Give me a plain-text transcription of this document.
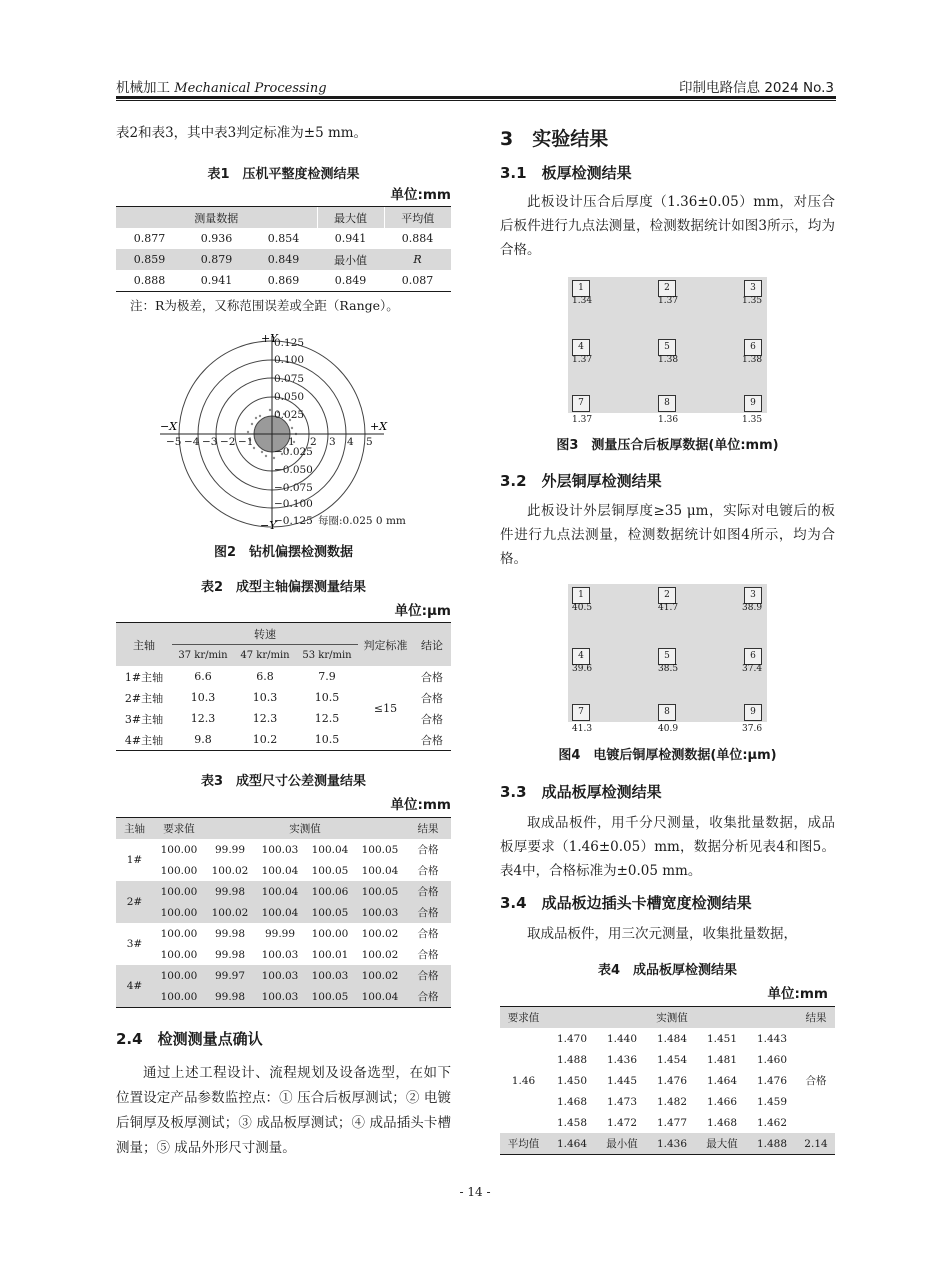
机械加工 Mechanical Processing	印制电路信息 2024 No.3
表2和表3，其中表3判定标准为±5 mm。
表1　压机平整度检测结果
单位:mm
测量数据			最大值	平均值
0.877	0.936	0.854	0.941	0.884
0.859	0.879	0.849	最小值	R
0.888	0.941	0.869	0.849	0.087
注：R为极差，又称范围误差或全距（Range）。
+Y
−Y
−X	+X
0.125
0.100
0.075
0.050
0.025
−0.025
−0.050
−0.075
−0.100
−0.125
−5 −4 −3 −2 −1	1 2 3 4 5
每圈:0.025 0 mm
图2　钻机偏摆检测数据
表2　成型主轴偏摆测量结果
单位:μm
主轴	转速			判定标准	结论
	37 kr/min	47 kr/min	53 kr/min		
1#主轴	6.6	6.8	7.9	≤15	合格
2#主轴	10.3	10.3	10.5		合格
3#主轴	12.3	12.3	12.5		合格
4#主轴	9.8	10.2	10.5		合格
表3　成型尺寸公差测量结果
单位:mm
主轴	要求值	实测值				结果
1#	100.00	99.99	100.03	100.04	100.05	合格
	100.00	100.02	100.04	100.05	100.04	合格
2#	100.00	99.98	100.04	100.06	100.05	合格
	100.00	100.02	100.04	100.05	100.03	合格
3#	100.00	99.98	99.99	100.00	100.02	合格
	100.00	99.98	100.03	100.01	100.02	合格
4#	100.00	99.97	100.03	100.03	100.02	合格
	100.00	99.98	100.03	100.05	100.04	合格
2.4　检测测量点确认
通过上述工程设计、流程规划及设备选型，在如下位置设定产品参数监控点：① 压合后板厚测试；② 电镀后铜厚及板厚测试；③ 成品板厚测试；④ 成品插头卡槽测量；⑤ 成品外形尺寸测量。
3　实验结果
3.1　板厚检测结果
此板设计压合后厚度（1.36±0.05）mm，对压合后板件进行九点法测量，检测数据统计如图3所示，均为合格。
1
1.34
2
1.37
3
1.35
4
1.37
5
1.38
6
1.38
7	8	9
1.37	1.36	1.35
图3　测量压合后板厚数据(单位:mm)
3.2　外层铜厚检测结果
此板设计外层铜厚度≥35 μm，实际对电镀后的板件进行九点法测量，检测数据统计如图4所示，均为合格。
1
40.5
2
41.7
3
38.9
4
39.6
5
38.5
6
37.4
7	8	9
41.3	40.9	37.6
图4　电镀后铜厚检测数据(单位:μm)
3.3　成品板厚检测结果
取成品板件，用千分尺测量，收集批量数据，成品板厚要求（1.46±0.05）mm，数据分析见表4和图5。表4中，合格标准为±0.05 mm。
3.4　成品板边插头卡槽宽度检测结果
取成品板件，用三次元测量，收集批量数据，
表4　成品板厚检测结果
单位:mm
要求值	实测值					结果
1.46	1.470	1.440	1.484	1.451	1.443	合格
	1.488	1.436	1.454	1.481	1.460	
	1.450	1.445	1.476	1.464	1.476	
	1.468	1.473	1.482	1.466	1.459	
	1.458	1.472	1.477	1.468	1.462	
平均值	1.464	最小值	1.436	最大值	1.488	2.14
- 14 -
